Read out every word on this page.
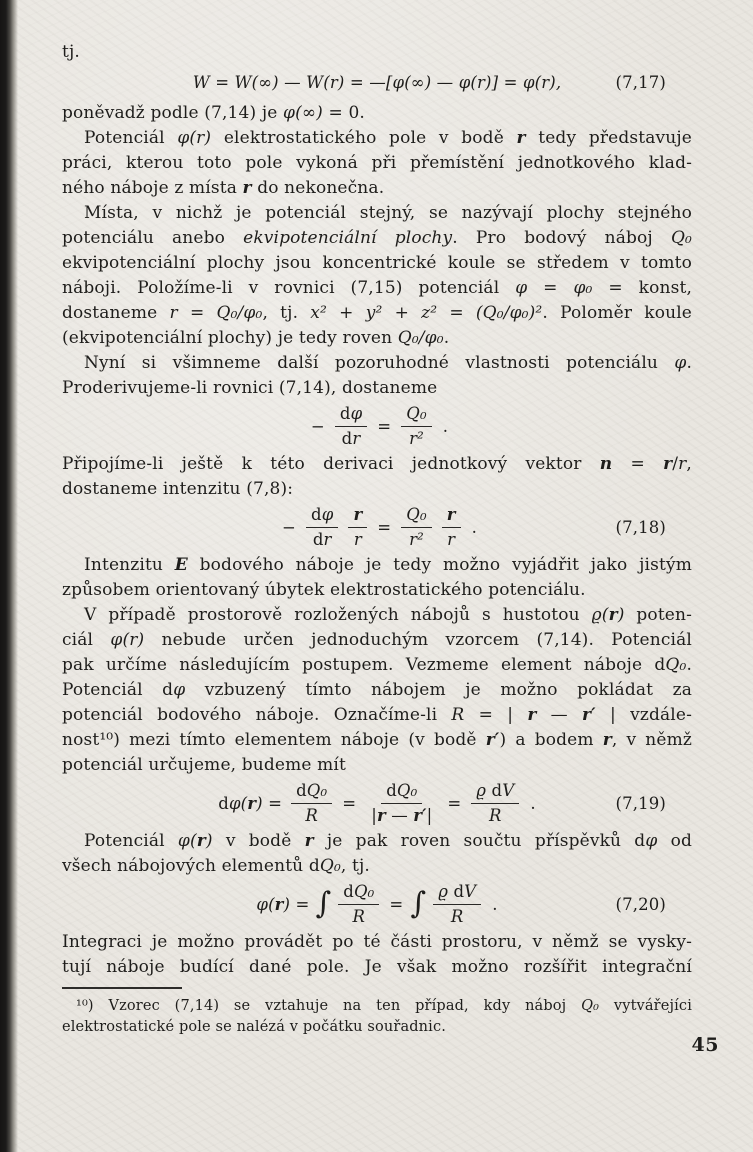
tj.
W = W(∞) — W(r) = —[φ(∞) — φ(r)] = φ(r),	(7,17)
poněvadž podle (7,14) je φ(∞) = 0.
Potenciál φ(r) elektrostatického pole v bodě r tedy představuje
práci, kterou toto pole vykoná při přemístění jednotkového klad-
ného náboje z místa r do nekonečna.
Místa, v nichž je potenciál stejný, se nazývají plochy stejného
potenciálu anebo ekvipotenciální plochy. Pro bodový náboj Q₀
ekvipotenciální plochy jsou koncentrické koule se středem v tomto
náboji. Položíme-li v rovnici (7,15) potenciál φ = φ₀ = konst,
dostaneme r = Q₀/φ₀, tj. x² + y² + z² = (Q₀/φ₀)². Poloměr koule
(ekvipotenciální plochy) je tedy roven Q₀/φ₀.
Nyní si všimneme další pozoruhodné vlastnosti potenciálu φ.
Proderivujeme-li rovnici (7,14), dostaneme
− $\frac{d\varphi}{dr} = \frac{\text{Q₀}}{\text{r²}}$ .
Připojíme-li ještě k této derivaci jednotkový vektor n = r/r,
dostaneme intenzitu (7,8):
− $\frac{d\varphi}{dr} \frac{r}{r} = \frac{\text{Q₀}}{\text{r²}} \frac{r}{r}$ .	(7,18)
Intenzitu E bodového náboje je tedy možno vyjádřit jako jistým
způsobem orientovaný úbytek elektrostatického potenciálu.
V případě prostorově rozložených nábojů s hustotou ϱ(r) poten-
ciál φ(r) nebude určen jednoduchým vzorcem (7,14). Potenciál
pak určíme následujícím postupem. Vezmeme element náboje dQ₀.
Potenciál dφ vzbuzený tímto nábojem je možno pokládat za
potenciál bodového náboje. Označíme-li R = | r — r′ | vzdále-
nost¹⁰) mezi tímto elementem náboje (v bodě r′) a bodem r, v němž
potenciál určujeme, budeme mít
$d\varphi(r) = \frac{\text{dQ₀}}{R} = \frac{\text{dQ₀}}{|r — r'|} = \frac{\text{ϱ dV}}{R}$ .	(7,19)
Potenciál φ(r) v bodě r je pak roven součtu příspěvků dφ od
všech nábojových elementů dQ₀, tj.
φ(r) = ∫ $\frac{\text{dQ₀}}{R}$ = ∫ $\frac{\text{ϱ dV}}{R}$ .	(7,20)
Integraci je možno provádět po té části prostoru, v němž se vysky-
tují náboje budící dané pole. Je však možno rozšířit integrační
¹⁰) Vzorec (7,14) se vztahuje na ten případ, kdy náboj Q₀ vytvářejíci
elektrostatické pole se nalézá v počátku souřadnic.
45
